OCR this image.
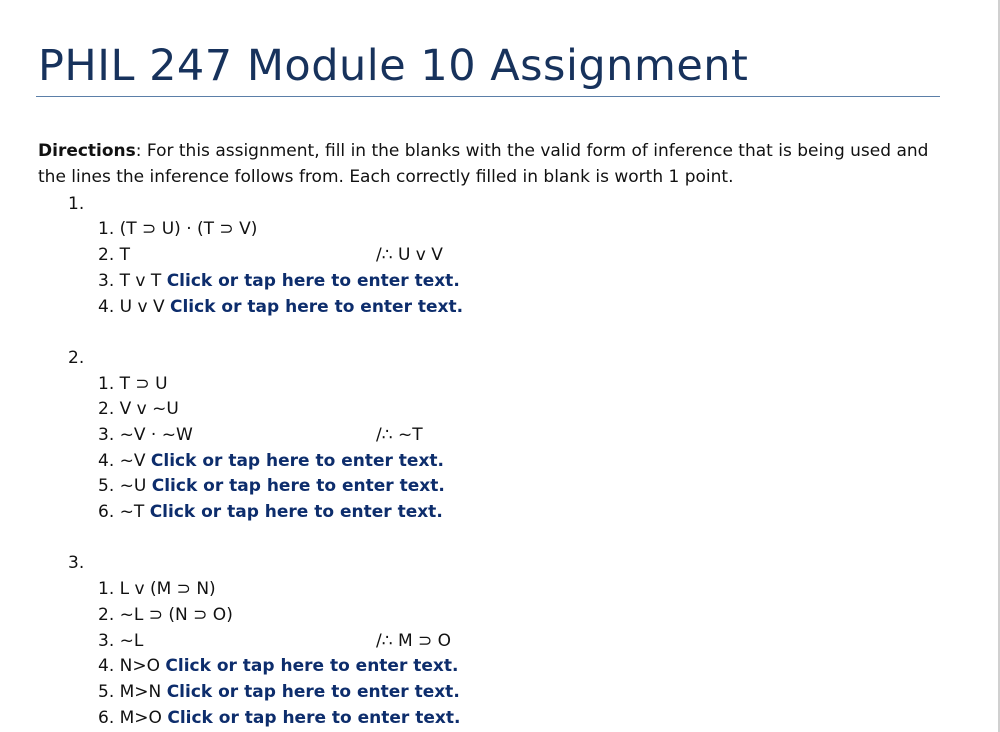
PHIL 247 Module 10 Assignment

Directions: For this assignment, fill in the blanks with the valid form of inference that is being used and the lines the inference follows from. Each correctly filled in blank is worth 1 point.

1.
1. (T ⊃ U) · (T ⊃ V)
2. T	/∴ U v V
3. T v T Click or tap here to enter text.
4. U v V Click or tap here to enter text.
2.
1. T ⊃ U
2. V v ~U
3. ~V · ~W	/∴ ~T
4. ~V Click or tap here to enter text.
5. ~U Click or tap here to enter text.
6. ~T Click or tap here to enter text.
3.
1. L v (M ⊃ N)
2. ~L ⊃ (N ⊃ O)
3. ~L	/∴ M ⊃ O
4. N>O Click or tap here to enter text.
5. M>N Click or tap here to enter text.
6. M>O Click or tap here to enter text.
